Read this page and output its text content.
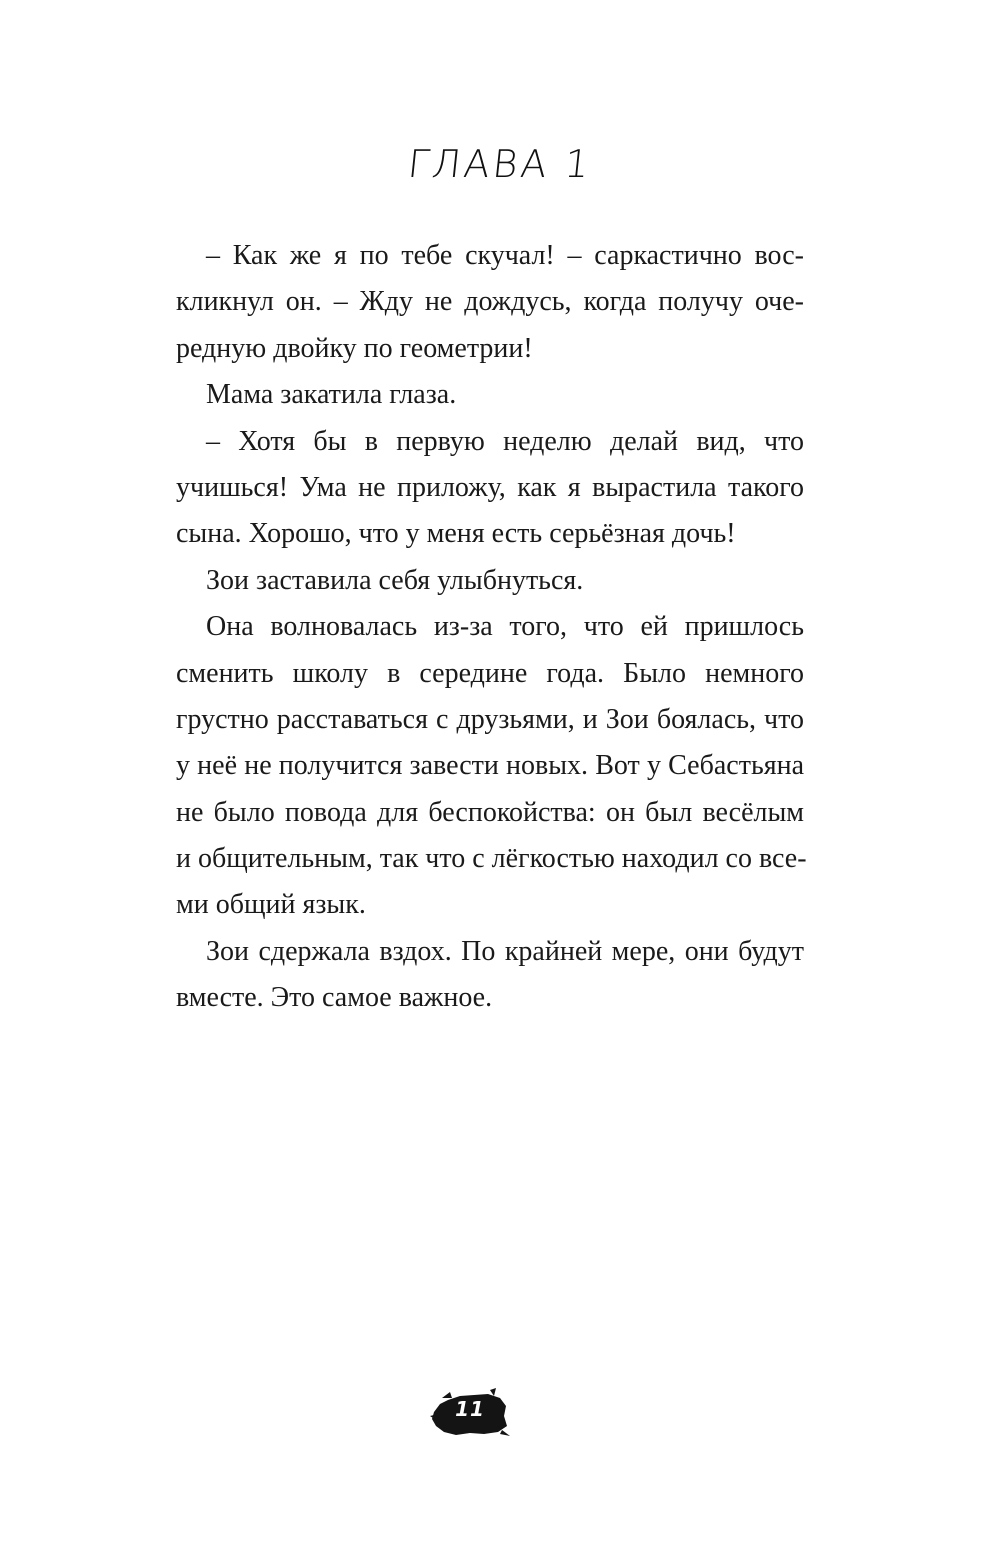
ГЛАВА 1
– Как же я по тебе скучал! – саркастично вос-
кликнул он. – Жду не дождусь, когда получу оче-
редную двойку по геометрии!
Мама закатила глаза.
– Хотя бы в первую неделю делай вид, что
учишься! Ума не приложу, как я вырастила такого
сына. Хорошо, что у меня есть серьёзная дочь!
Зои заставила себя улыбнуться.
Она волновалась из-за того, что ей пришлось
сменить школу в середине года. Было немного
грустно расставаться с друзьями, и Зои боялась, что
у неё не получится завести новых. Вот у Себастьяна
не было повода для беспокойства: он был весёлым
и общительным, так что с лёгкостью находил со все-
ми общий язык.
Зои сдержала вздох. По крайней мере, они будут
вместе. Это самое важное.
11
